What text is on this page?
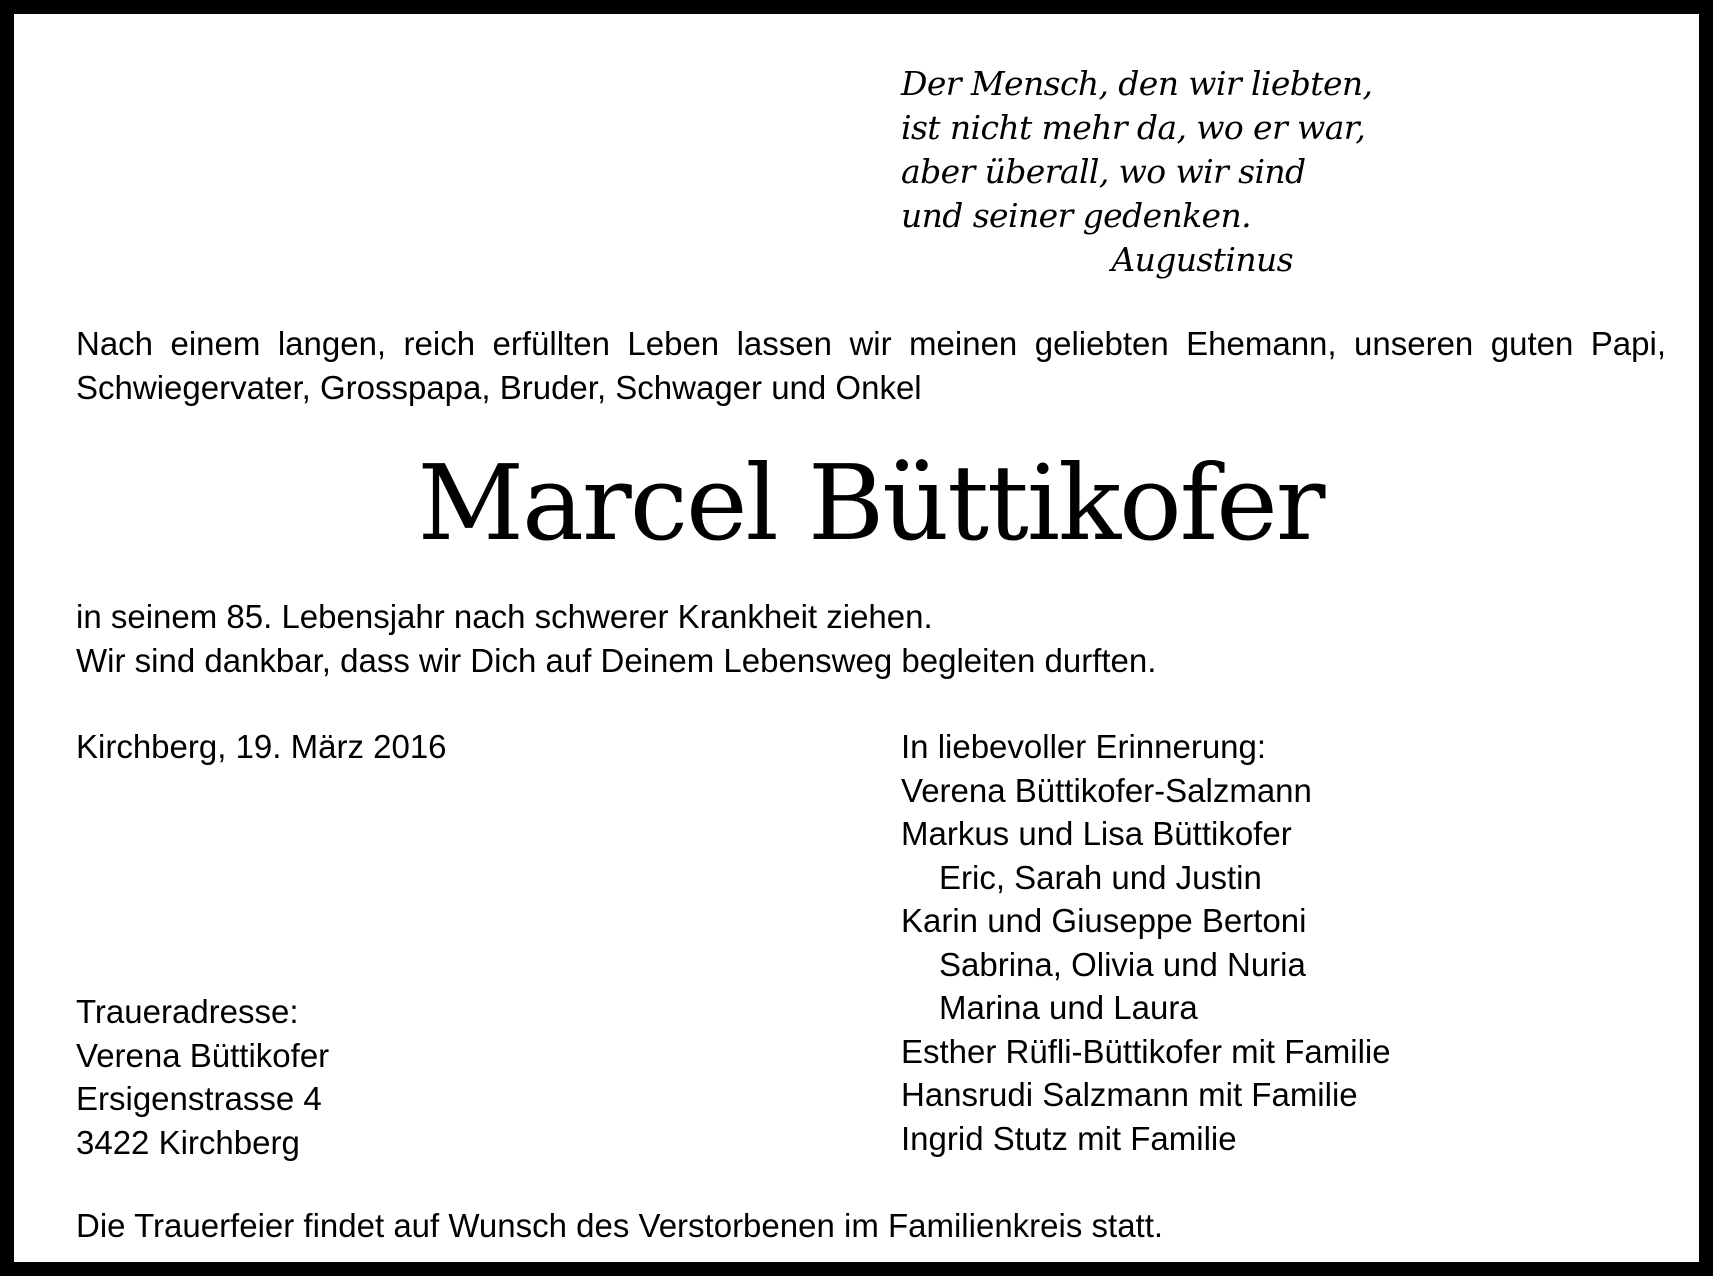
Der Mensch, den wir liebten,
ist nicht mehr da, wo er war,
aber überall, wo wir sind
und seiner gedenken.
Augustinus
Nach einem langen, reich erfüllten Leben lassen wir meinen geliebten Ehemann, unseren guten Papi,
Schwiegervater, Grosspapa, Bruder, Schwager und Onkel
Marcel Büttikofer
in seinem 85. Lebensjahr nach schwerer Krankheit ziehen.
Wir sind dankbar, dass wir Dich auf Deinem Lebensweg begleiten durften.
Kirchberg, 19. März 2016	In liebevoller Erinnerung:
Verena Büttikofer-Salzmann
Markus und Lisa Büttikofer
Eric, Sarah und Justin
Karin und Giuseppe Bertoni
Sabrina, Olivia und Nuria
Marina und Laura
Esther Rüfli-Büttikofer mit Familie
Hansrudi Salzmann mit Familie
Ingrid Stutz mit Familie
Traueradresse:
Verena Büttikofer
Ersigenstrasse 4
3422 Kirchberg
Die Trauerfeier findet auf Wunsch des Verstorbenen im Familienkreis statt.
